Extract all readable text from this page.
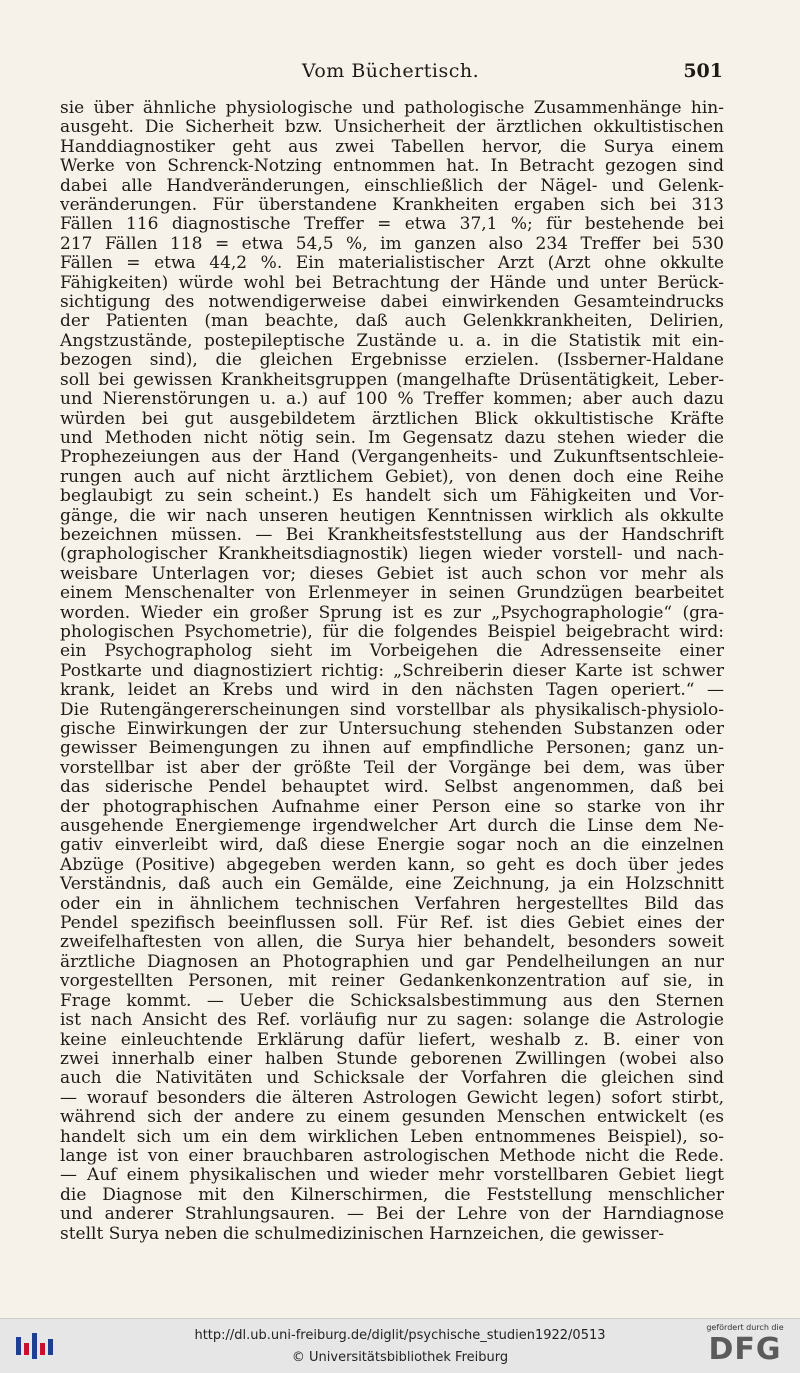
Vom Büchertisch.	501
sie über ähnliche physiologische und pathologische Zusammenhänge hin-
ausgeht. Die Sicherheit bzw. Unsicherheit der ärztlichen okkultistischen
Handdiagnostiker geht aus zwei Tabellen hervor, die Surya einem
Werke von Schrenck-Notzing entnommen hat. In Betracht gezogen sind
dabei alle Handveränderungen, einschließlich der Nägel- und Gelenk-
veränderungen. Für überstandene Krankheiten ergaben sich bei 313
Fällen 116 diagnostische Treffer = etwa 37,1 %; für bestehende bei
217 Fällen 118 = etwa 54,5 %, im ganzen also 234 Treffer bei 530
Fällen = etwa 44,2 %. Ein materialistischer Arzt (Arzt ohne okkulte
Fähigkeiten) würde wohl bei Betrachtung der Hände und unter Berück-
sichtigung des notwendigerweise dabei einwirkenden Gesamteindrucks
der Patienten (man beachte, daß auch Gelenkkrankheiten, Delirien,
Angstzustände, postepileptische Zustände u. a. in die Statistik mit ein-
bezogen sind), die gleichen Ergebnisse erzielen. (Issberner-Haldane
soll bei gewissen Krankheitsgruppen (mangelhafte Drüsentätigkeit, Leber-
und Nierenstörungen u. a.) auf 100 % Treffer kommen; aber auch dazu
würden bei gut ausgebildetem ärztlichen Blick okkultistische Kräfte
und Methoden nicht nötig sein. Im Gegensatz dazu stehen wieder die
Prophezeiungen aus der Hand (Vergangenheits- und Zukunftsentschleie-
rungen auch auf nicht ärztlichem Gebiet), von denen doch eine Reihe
beglaubigt zu sein scheint.) Es handelt sich um Fähigkeiten und Vor-
gänge, die wir nach unseren heutigen Kenntnissen wirklich als okkulte
bezeichnen müssen. — Bei Krankheitsfeststellung aus der Handschrift
(graphologischer Krankheitsdiagnostik) liegen wieder vorstell- und nach-
weisbare Unterlagen vor; dieses Gebiet ist auch schon vor mehr als
einem Menschenalter von Erlenmeyer in seinen Grundzügen bearbeitet
worden. Wieder ein großer Sprung ist es zur „Psychographologie“ (gra-
phologischen Psychometrie), für die folgendes Beispiel beigebracht wird:
ein Psychographolog sieht im Vorbeigehen die Adressenseite einer
Postkarte und diagnostiziert richtig: „Schreiberin dieser Karte ist schwer
krank, leidet an Krebs und wird in den nächsten Tagen operiert.“ —
Die Rutengängererscheinungen sind vorstellbar als physikalisch-physiolo-
gische Einwirkungen der zur Untersuchung stehenden Substanzen oder
gewisser Beimengungen zu ihnen auf empfindliche Personen; ganz un-
vorstellbar ist aber der größte Teil der Vorgänge bei dem, was über
das siderische Pendel behauptet wird. Selbst angenommen, daß bei
der photographischen Aufnahme einer Person eine so starke von ihr
ausgehende Energiemenge irgendwelcher Art durch die Linse dem Ne-
gativ einverleibt wird, daß diese Energie sogar noch an die einzelnen
Abzüge (Positive) abgegeben werden kann, so geht es doch über jedes
Verständnis, daß auch ein Gemälde, eine Zeichnung, ja ein Holzschnitt
oder ein in ähnlichem technischen Verfahren hergestelltes Bild das
Pendel spezifisch beeinflussen soll. Für Ref. ist dies Gebiet eines der
zweifelhaftesten von allen, die Surya hier behandelt, besonders soweit
ärztliche Diagnosen an Photographien und gar Pendelheilungen an nur
vorgestellten Personen, mit reiner Gedankenkonzentration auf sie, in
Frage kommt. — Ueber die Schicksalsbestimmung aus den Sternen
ist nach Ansicht des Ref. vorläufig nur zu sagen: solange die Astrologie
keine einleuchtende Erklärung dafür liefert, weshalb z. B. einer von
zwei innerhalb einer halben Stunde geborenen Zwillingen (wobei also
auch die Nativitäten und Schicksale der Vorfahren die gleichen sind
— worauf besonders die älteren Astrologen Gewicht legen) sofort stirbt,
während sich der andere zu einem gesunden Menschen entwickelt (es
handelt sich um ein dem wirklichen Leben entnommenes Beispiel), so-
lange ist von einer brauchbaren astrologischen Methode nicht die Rede.
— Auf einem physikalischen und wieder mehr vorstellbaren Gebiet liegt
die Diagnose mit den Kilnerschirmen, die Feststellung menschlicher
und anderer Strahlungsauren. — Bei der Lehre von der Harndiagnose
stellt Surya neben die schulmedizinischen Harnzeichen, die gewisser-
http://dl.ub.uni-freiburg.de/diglit/psychische_studien1922/0513
© Universitätsbibliothek Freiburg
gefördert durch die
DFG
